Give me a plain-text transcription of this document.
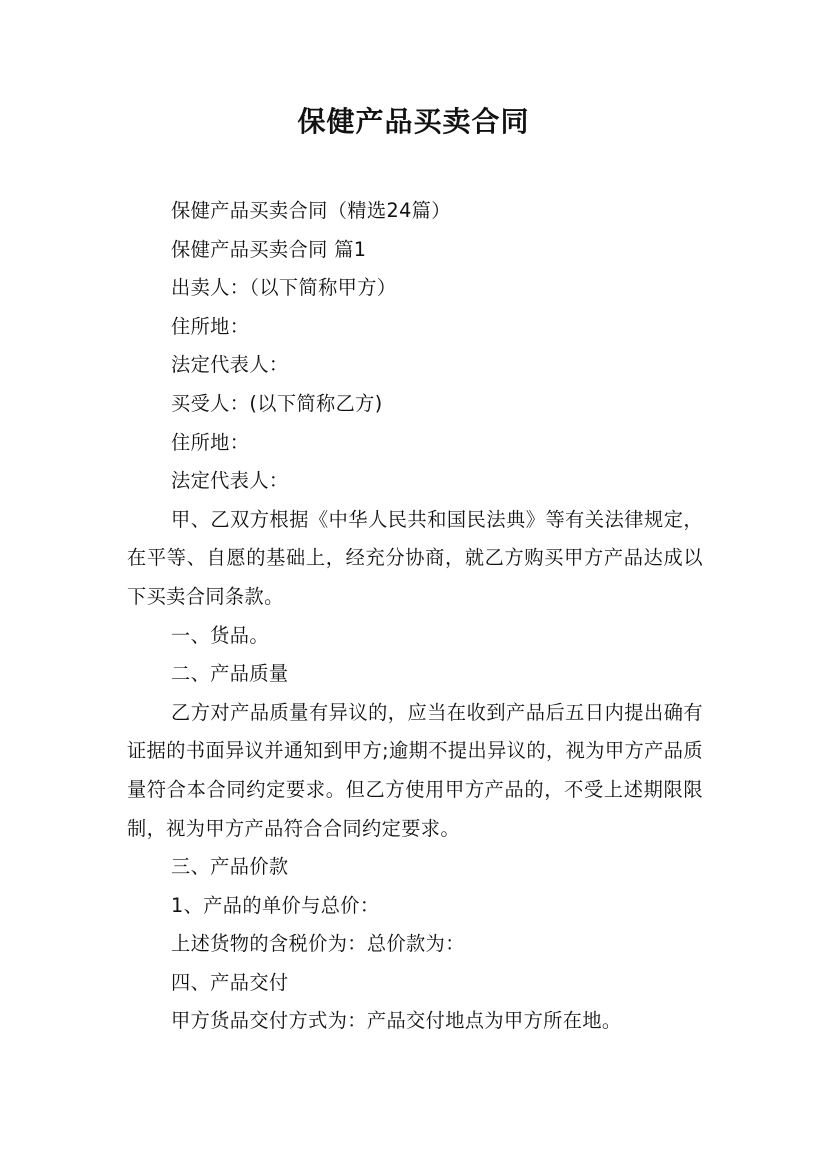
保健产品买卖合同

保健产品买卖合同（精选24篇）

保健产品买卖合同 篇1

出卖人：（以下简称甲方）

住所地：

法定代表人：

买受人：(以下简称乙方)

住所地：

法定代表人：

甲、乙双方根据《中华人民共和国民法典》等有关法律规定，在平等、自愿的基础上，经充分协商，就乙方购买甲方产品达成以下买卖合同条款。

一、货品。

二、产品质量

乙方对产品质量有异议的，应当在收到产品后五日内提出确有证据的书面异议并通知到甲方;逾期不提出异议的，视为甲方产品质量符合本合同约定要求。但乙方使用甲方产品的，不受上述期限限制，视为甲方产品符合合同约定要求。

三、产品价款

1、产品的单价与总价：

上述货物的含税价为：总价款为：

四、产品交付

甲方货品交付方式为：产品交付地点为甲方所在地。
